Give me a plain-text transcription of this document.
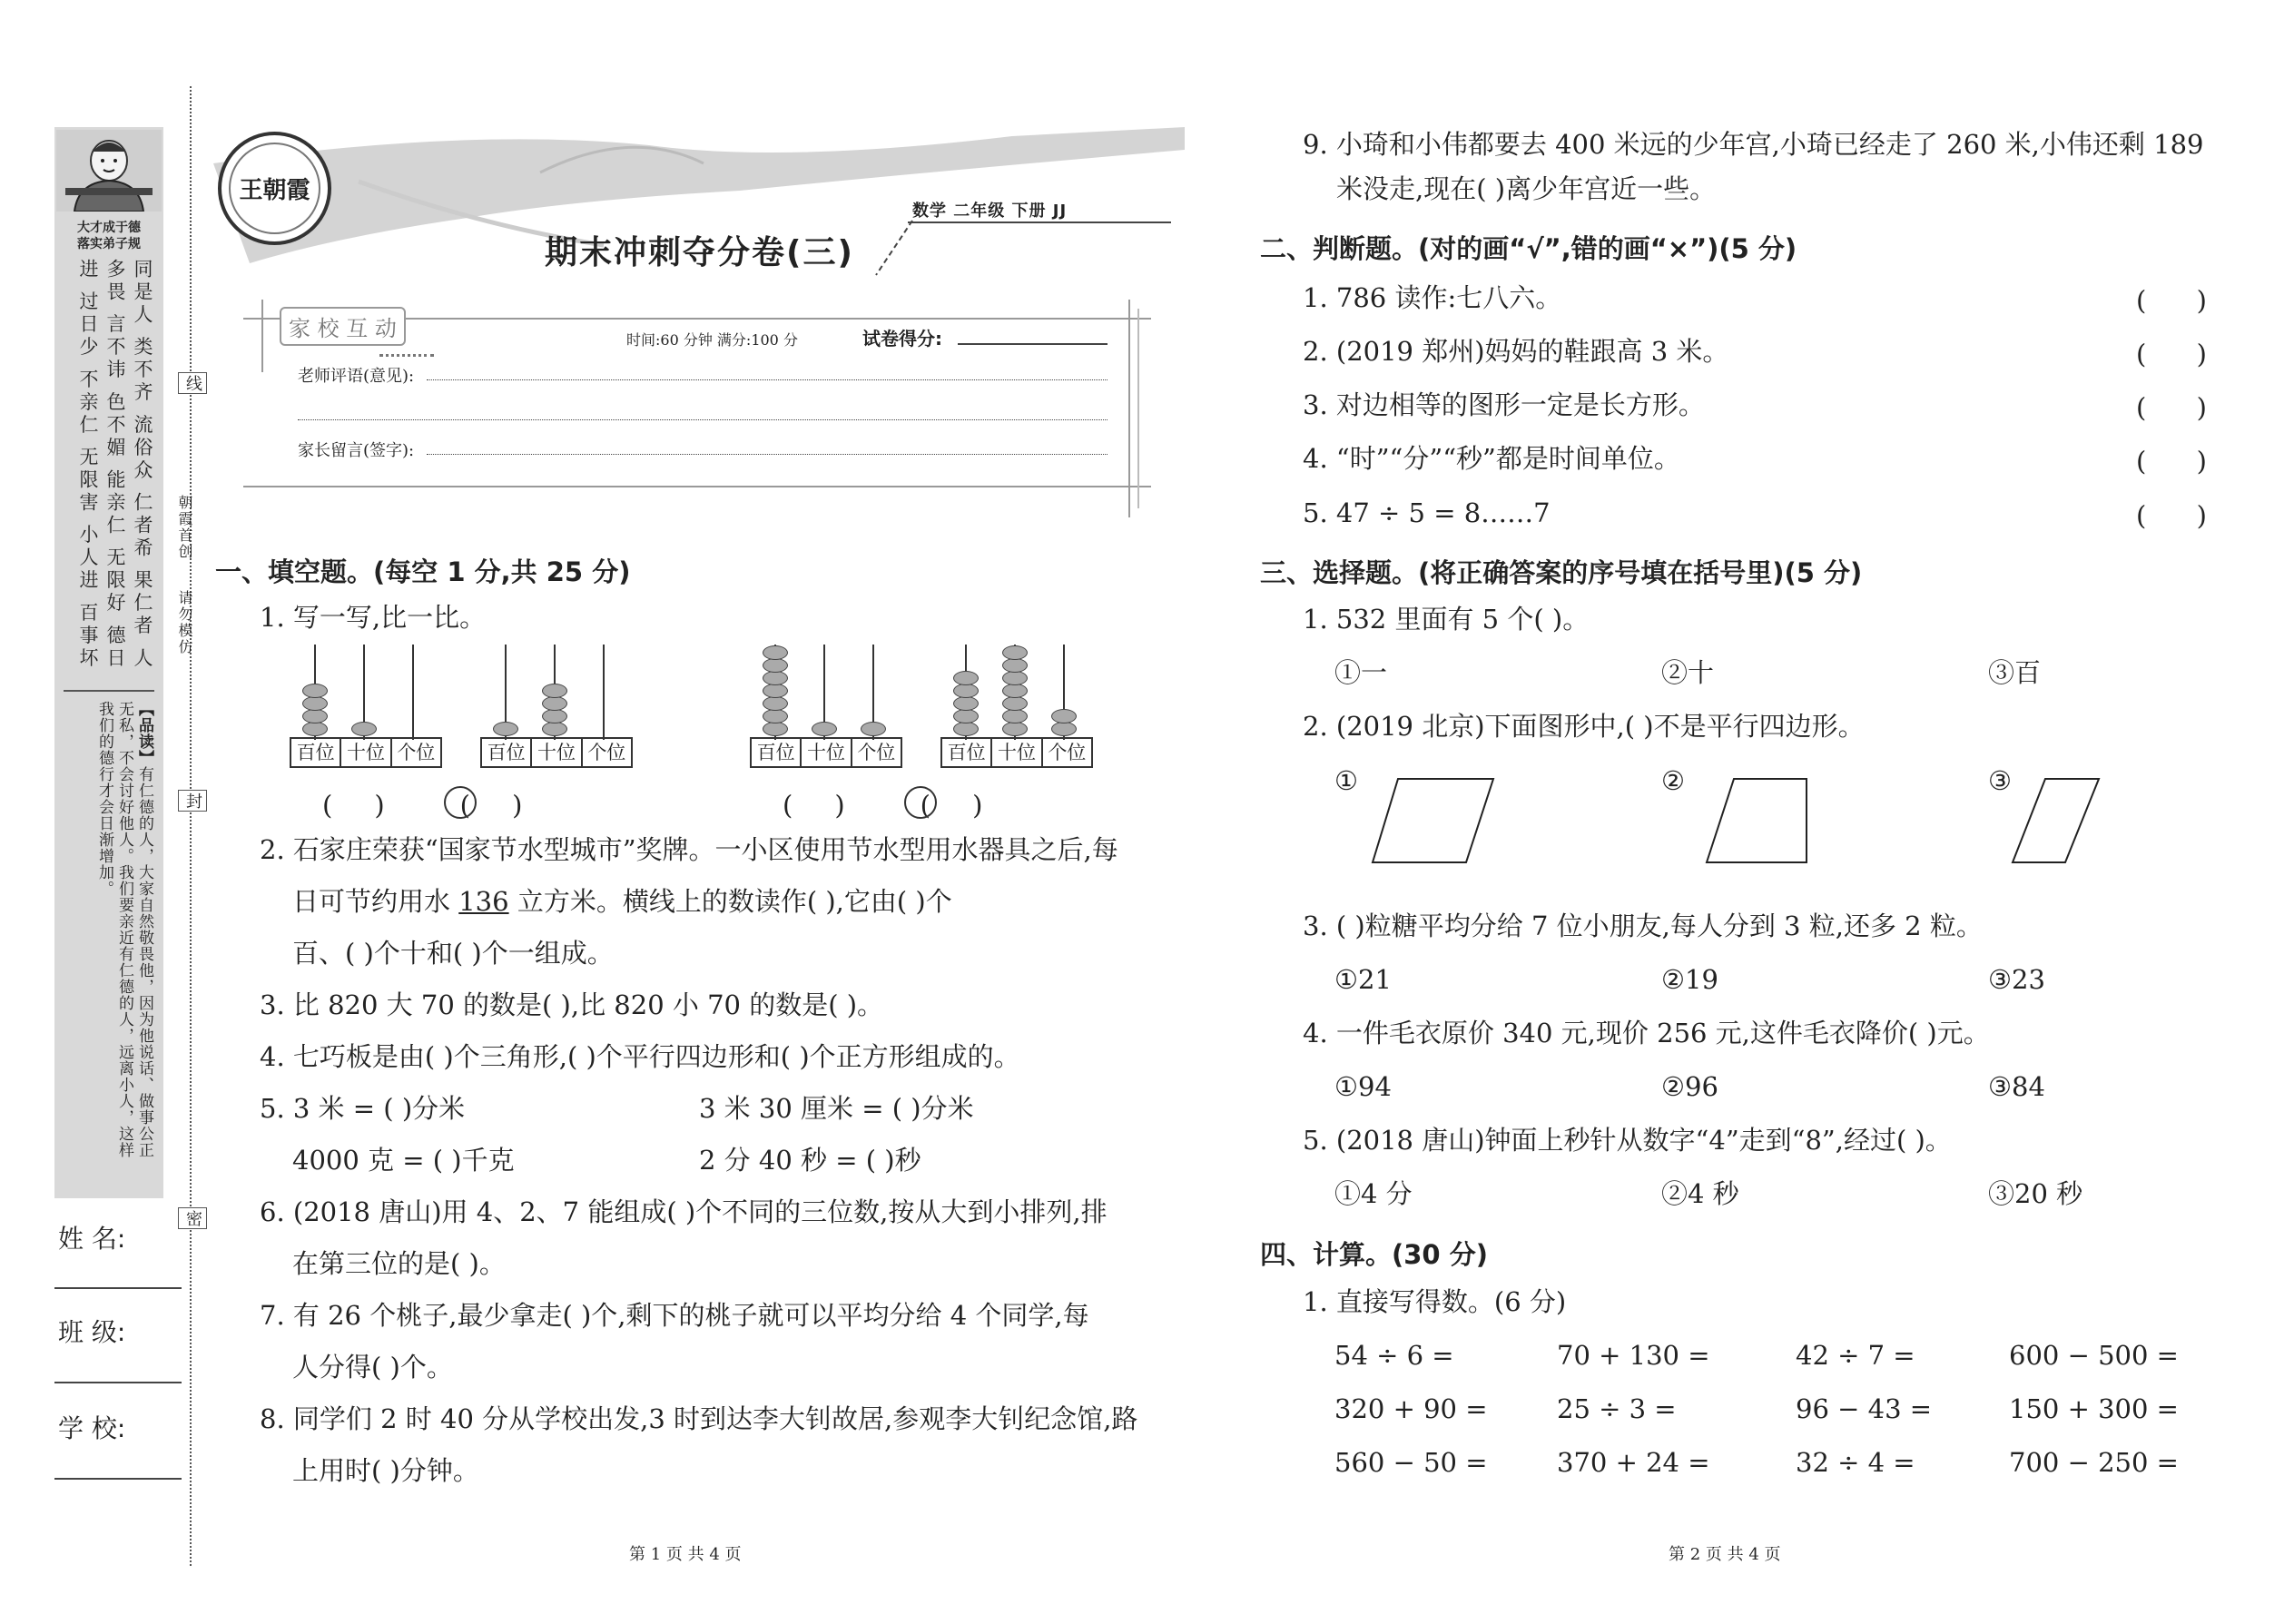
大才成于德
落实弟子规
同是人 类不齐 流俗众 仁者希 果仁者 人多畏 言不讳 色不媚 能亲仁 无限好 德日进 过日少 不亲仁 无限害 小人进 百事坏
【品读】有仁德的人，大家自然敬畏他，因为他说话、做事公正无私，不会讨好他人。我们要亲近有仁德的人，远离小人，这样我们的德行才会日渐增加。
姓 名:
班 级:
学 校:
线
封
密
朝霞首创
请勿模仿
王朝霞
数学 二年级 下册 JJ
期末冲刺夺分卷(三)
家 校 互 动	时间:60 分钟 满分:100 分	试卷得分:
老师评语(意见):
家长留言(签字):
一、填空题。(每空 1 分,共 25 分)
1. 写一写,比一比。
百位 十位 个位	百位 十位 个位	百位 十位 个位	百位 十位 个位
(     )         (     )	(     )         (     )
2. 石家庄荣获“国家节水型城市”奖牌。一小区使用节水型用水器具之后,每
日可节约用水 136 立方米。横线上的数读作( ),它由( )个
百、( )个十和( )个一组成。
3. 比 820 大 70 的数是( ),比 820 小 70 的数是( )。
4. 七巧板是由( )个三角形,( )个平行四边形和( )个正方形组成的。
5. 3 米 = ( )分米	3 米 30 厘米 = ( )分米
4000 克 = ( )千克	2 分 40 秒 = ( )秒
6. (2018 唐山)用 4、2、7 能组成( )个不同的三位数,按从大到小排列,排
在第三位的是( )。
7. 有 26 个桃子,最少拿走( )个,剩下的桃子就可以平均分给 4 个同学,每
人分得( )个。
8. 同学们 2 时 40 分从学校出发,3 时到达李大钊故居,参观李大钊纪念馆,路
上用时( )分钟。
第 1 页 共 4 页
9. 小琦和小伟都要去 400 米远的少年宫,小琦已经走了 260 米,小伟还剩 189
米没走,现在( )离少年宫近一些。
二、判断题。(对的画“√”,错的画“×”)(5 分)
1. 786 读作:七八六。	(      )
2. (2019 郑州)妈妈的鞋跟高 3 米。	(      )
3. 对边相等的图形一定是长方形。	(      )
4. “时”“分”“秒”都是时间单位。	(      )
5. 47 ÷ 5 = 8……7	(      )
三、选择题。(将正确答案的序号填在括号里)(5 分)
1. 532 里面有 5 个( )。
①一	②十	③百
2. (2019 北京)下面图形中,( )不是平行四边形。
①	②	③
3. ( )粒糖平均分给 7 位小朋友,每人分到 3 粒,还多 2 粒。
①21	②19	③23
4. 一件毛衣原价 340 元,现价 256 元,这件毛衣降价( )元。
①94	②96	③84
5. (2018 唐山)钟面上秒针从数字“4”走到“8”,经过( )。
①4 分	②4 秒	③20 秒
四、计算。(30 分)
1. 直接写得数。(6 分)
54 ÷ 6 =	70 + 130 =	42 ÷ 7 =	600 − 500 =
320 + 90 =	25 ÷ 3 =	96 − 43 =	150 + 300 =
560 − 50 =	370 + 24 =	32 ÷ 4 =	700 − 250 =
第 2 页 共 4 页
